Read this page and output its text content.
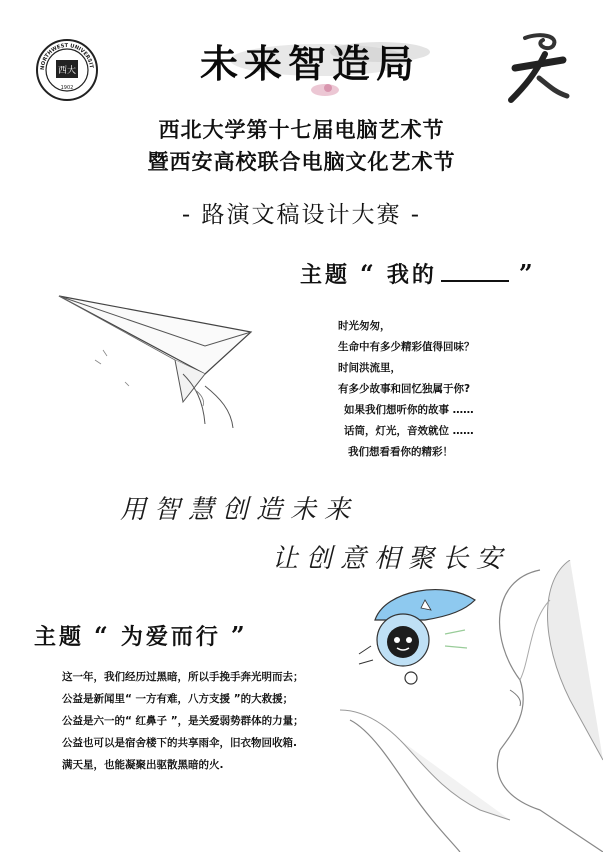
NORTHWEST UNIVERSIT
西大
1902
未来智造局
西北大学第十七届电脑艺术节
暨西安高校联合电脑文化艺术节
- 路演文稿设计大赛 -
主题 “ 我的	”
时光匆匆，
生命中有多少精彩值得回味？
时间洪流里，
有多少故事和回忆独属于你?
如果我们想听你的故事 ……
话筒，灯光，音效就位 ……
我们想看看你的精彩！
用智慧创造未来
让创意相聚长安
主题 “ 为爱而行 ”
这一年，我们经历过黑暗，所以手挽手奔光明而去；
公益是新闻里“ 一方有难，八方支援 ”的大救援；
公益是六一的“ 红鼻子 ”，是关爱弱势群体的力量；
公益也可以是宿舍楼下的共享雨伞，旧衣物回收箱.
满天星，也能凝聚出驱散黑暗的火.
